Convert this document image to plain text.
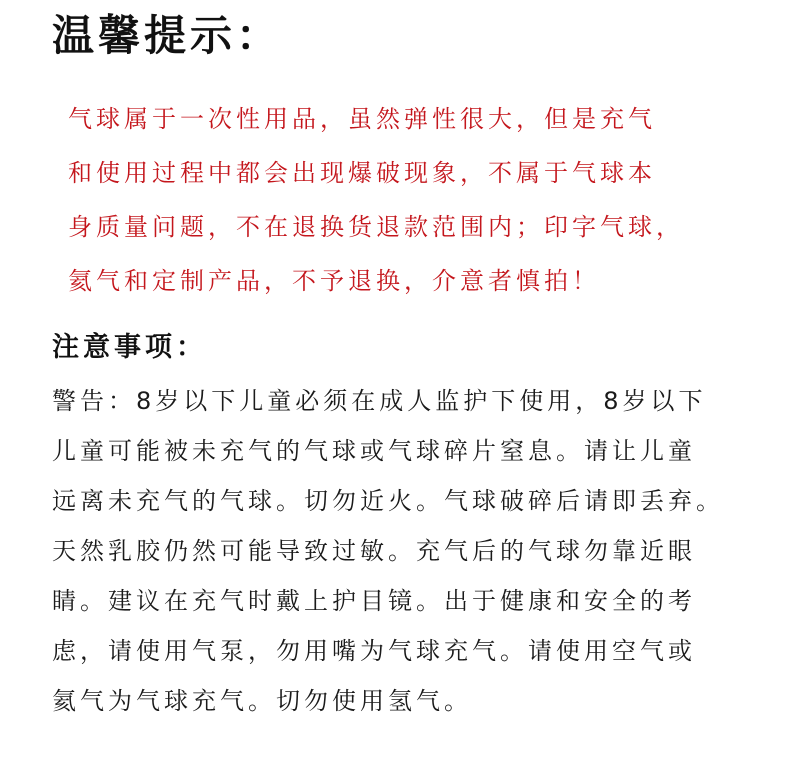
温馨提示：
气球属于一次性用品，虽然弹性很大，但是充气
和使用过程中都会出现爆破现象，不属于气球本
身质量问题，不在退换货退款范围内；印字气球，
氦气和定制产品，不予退换，介意者慎拍！
注意事项：
警告：8岁以下儿童必须在成人监护下使用，8岁以下
儿童可能被未充气的气球或气球碎片窒息。请让儿童
远离未充气的气球。切勿近火。气球破碎后请即丢弃。
天然乳胶仍然可能导致过敏。充气后的气球勿靠近眼
睛。建议在充气时戴上护目镜。出于健康和安全的考
虑，请使用气泵，勿用嘴为气球充气。请使用空气或
氦气为气球充气。切勿使用氢气。
